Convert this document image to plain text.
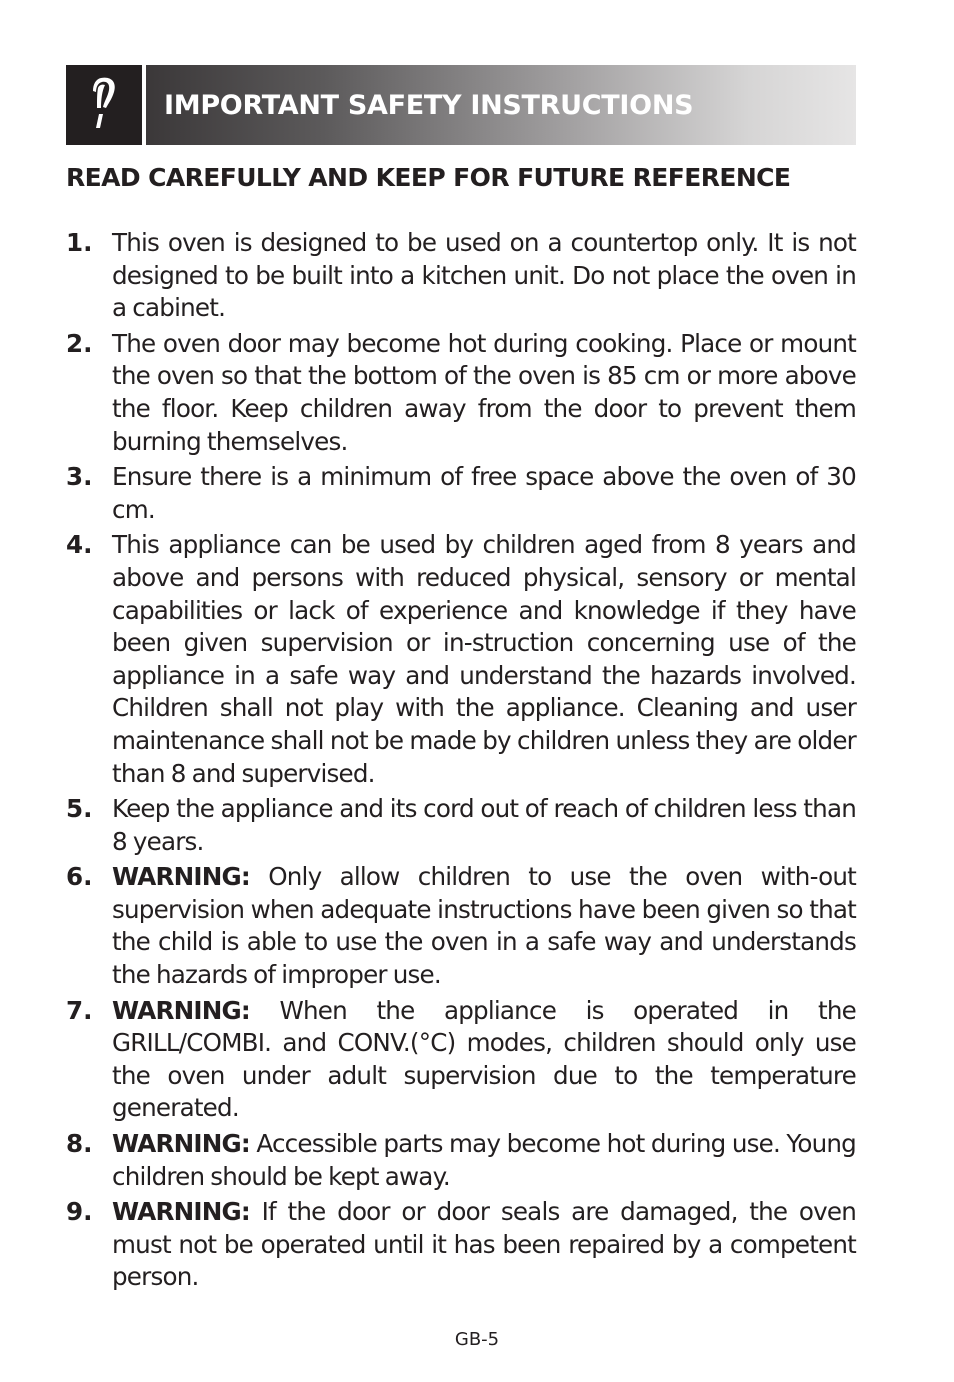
IMPORTANT SAFETY INSTRUCTIONS
READ CAREFULLY AND KEEP FOR FUTURE REFERENCE
1. This oven is designed to be used on a countertop only. It is not designed to be built into a kitchen unit. Do not place the oven in a cabinet.
2. The oven door may become hot during cooking. Place or mount the oven so that the bottom of the oven is 85 cm or more above the floor. Keep children away from the door to prevent them burning themselves.
3. Ensure there is a minimum of free space above the oven of 30 cm.
4. This appliance can be used by children aged from 8 years and above and persons with reduced physical, sensory or mental capabilities or lack of experience and knowledge if they have been given supervision or in-struction concerning use of the appliance in a safe way and understand the hazards involved. Children shall not play with the appliance. Cleaning and user maintenance shall not be made by children unless they are older than 8 and supervised.
5. Keep the appliance and its cord out of reach of children less than 8 years.
6. WARNING: Only allow children to use the oven with-out supervision when adequate instructions have been given so that the child is able to use the oven in a safe way and understands the hazards of improper use.
7. WARNING: When the appliance is operated in the GRILL/COMBI. and CONV.(°C) modes, children should only use the oven under adult supervision due to the temperature generated.
8. WARNING: Accessible parts may become hot during use. Young children should be kept away.
9. WARNING: If the door or door seals are damaged, the oven must not be operated until it has been repaired by a competent person.
GB-5
